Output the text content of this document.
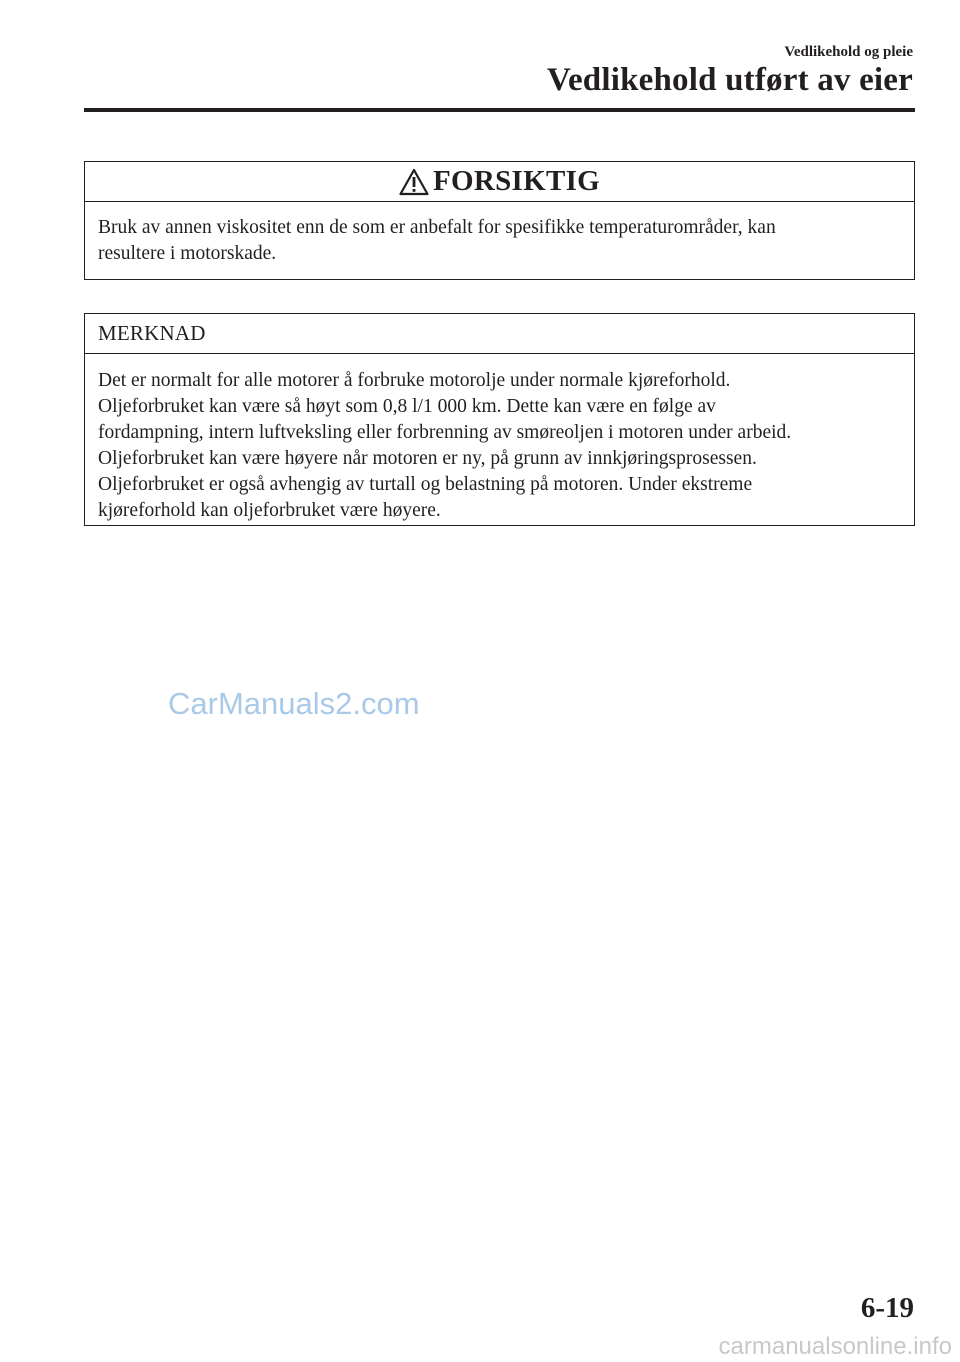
Vedlikehold og pleie
Vedlikehold utført av eier
FORSIKTIG
Bruk av annen viskositet enn de som er anbefalt for spesifikke temperaturområder, kan
resultere i motorskade.
MERKNAD
Det er normalt for alle motorer å forbruke motorolje under normale kjøreforhold.
Oljeforbruket kan være så høyt som 0,8 l/1 000 km. Dette kan være en følge av
fordampning, intern luftveksling eller forbrenning av smøreoljen i motoren under arbeid.
Oljeforbruket kan være høyere når motoren er ny, på grunn av innkjøringsprosessen.
Oljeforbruket er også avhengig av turtall og belastning på motoren. Under ekstreme
kjøreforhold kan oljeforbruket være høyere.
CarManuals2.com
6-19
carmanualsonline.info
